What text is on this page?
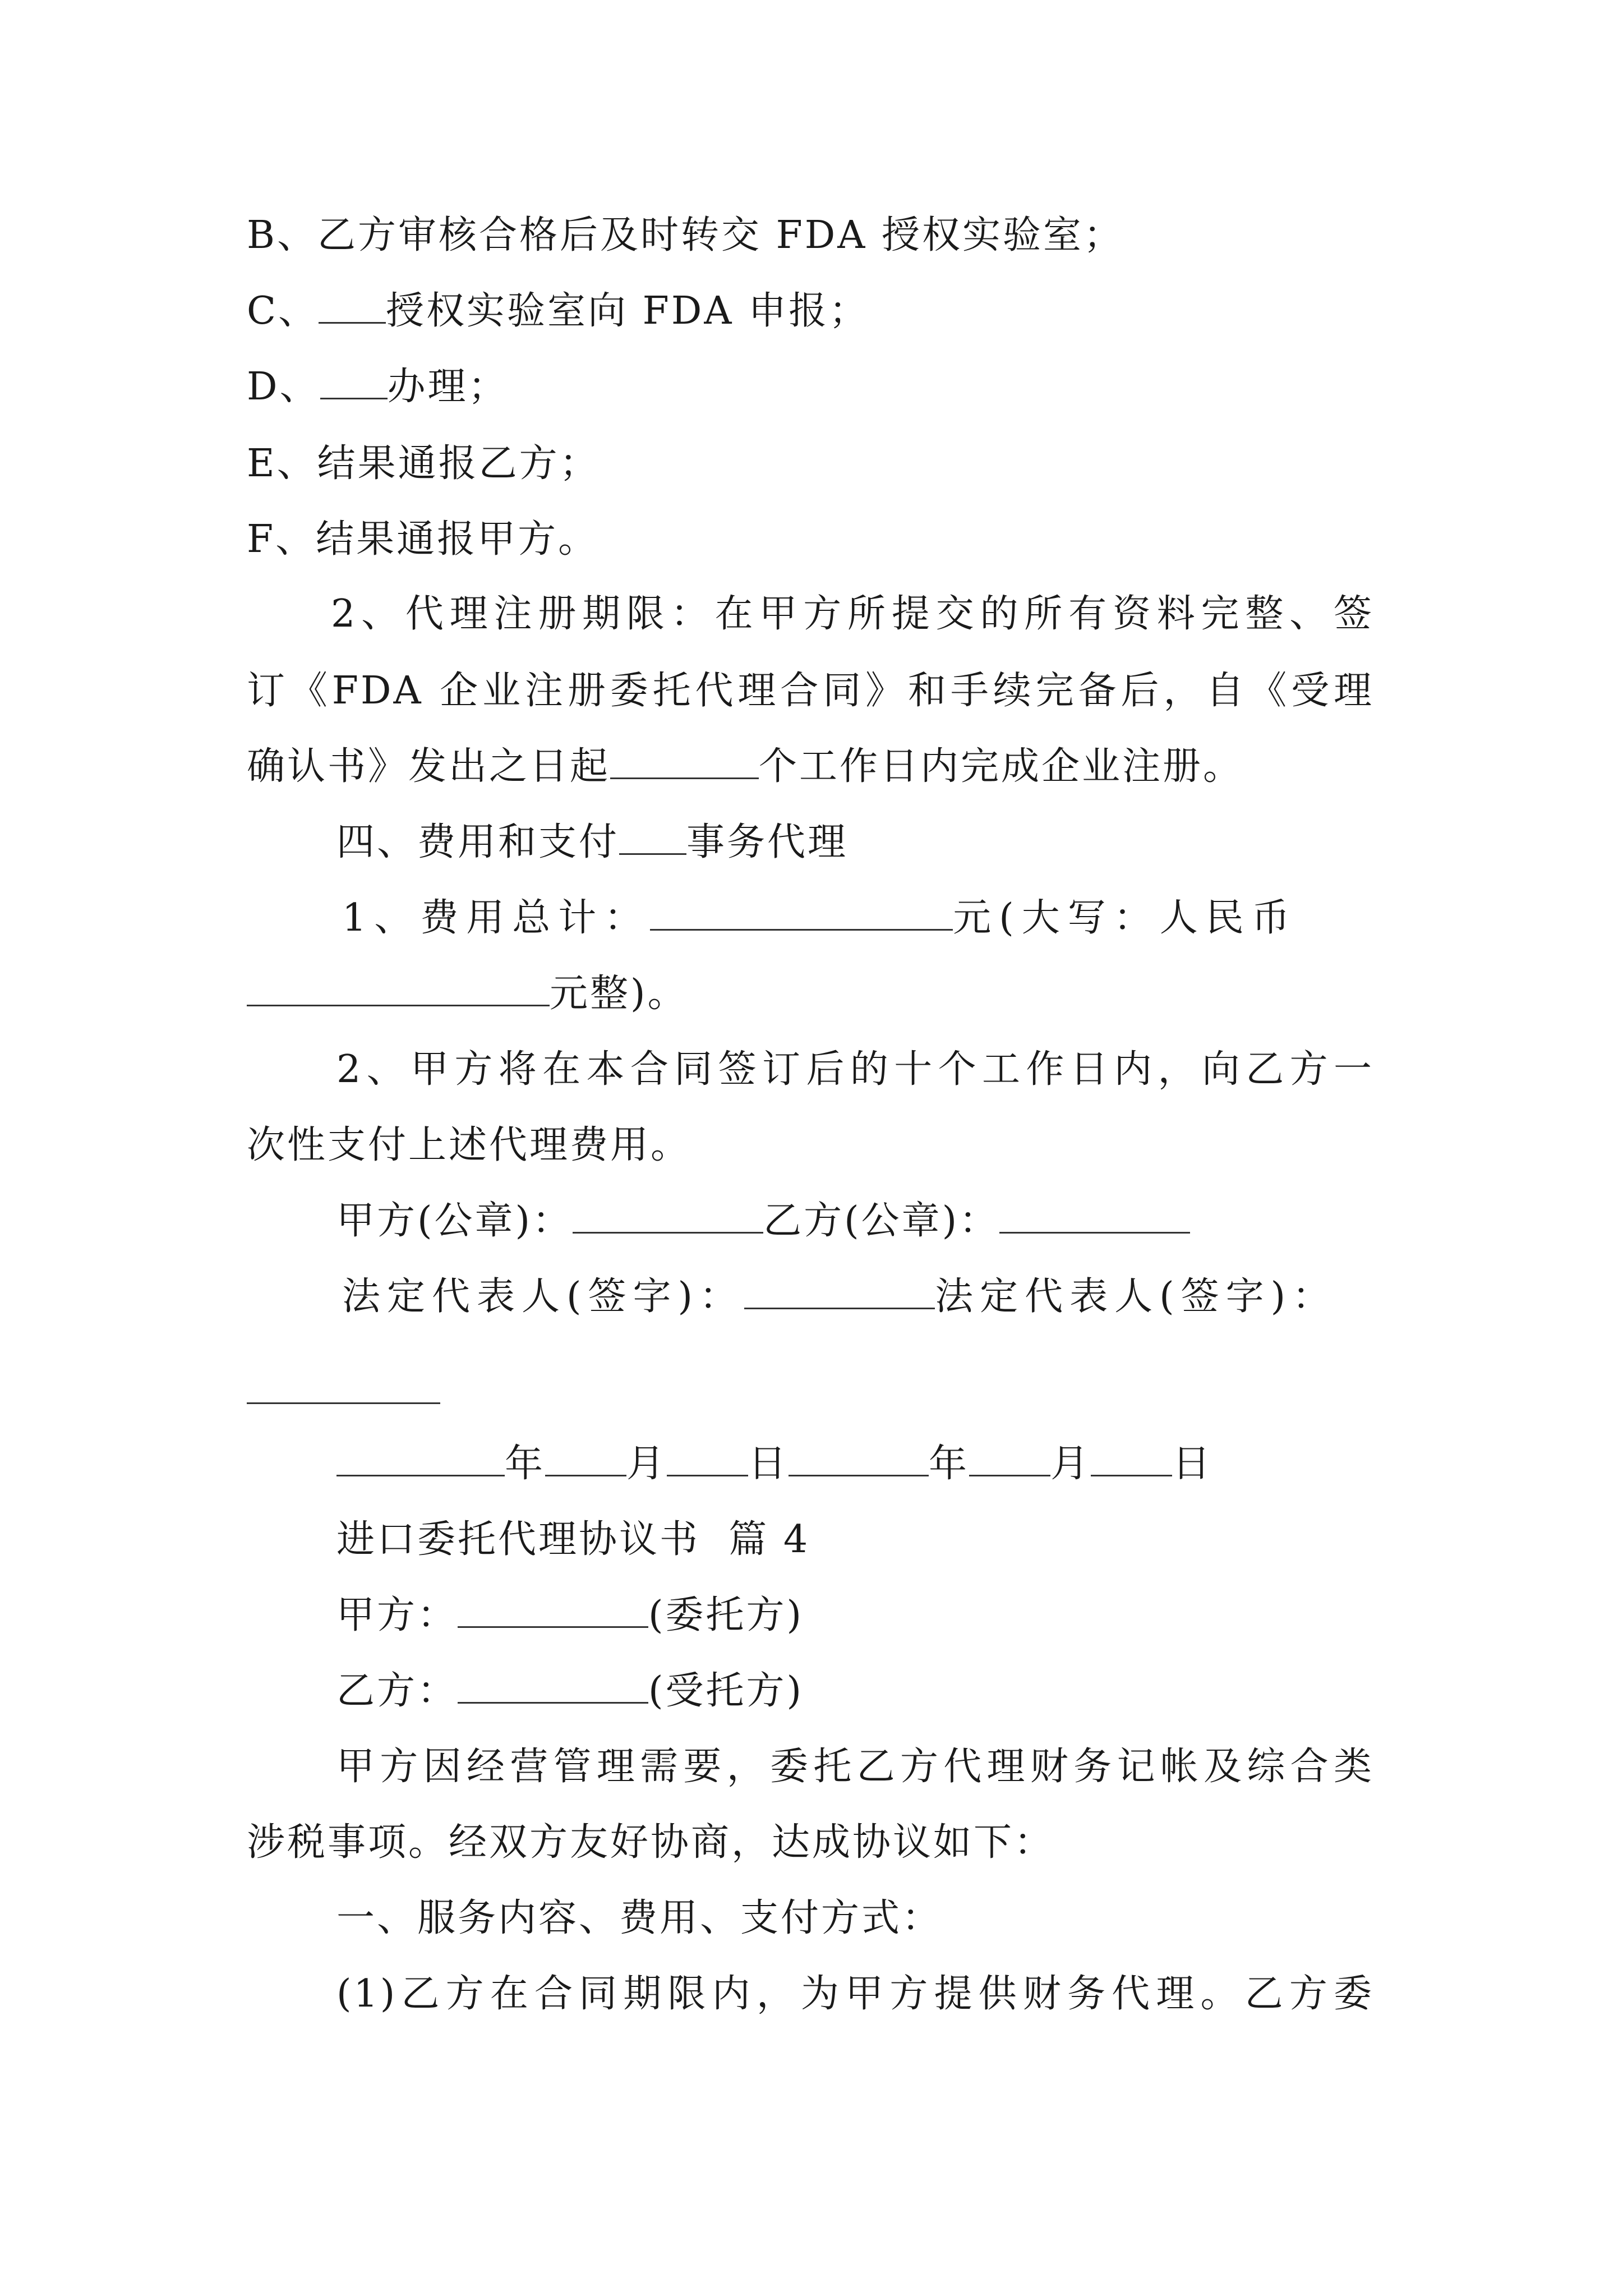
B、乙方审核合格后及时转交 FDA 授权实验室；
C、 授权实验室向 FDA 申报；
D、 办理；
E、结果通报乙方；
F、结果通报甲方。
2、代理注册期限：在甲方所提交的所有资料完整、签
订《FDA 企业注册委托代理合同》和手续完备后，自《受理
确认书》发出之日起	个工作日内完成企业注册。
四、费用和支付 事务代理
1、费用总计：	元(大写：人民币
元整)。
2、甲方将在本合同签订后的十个工作日内，向乙方一
次性支付上述代理费用。
甲方(公章)：	乙方(公章)：
法定代表人(签字)：	法定代表人(签字)：
年 月 日	年 月 日
进口委托代理协议书  篇 4
甲方：	(委托方)
乙方：	(受托方)
甲方因经营管理需要，委托乙方代理财务记帐及综合类
涉税事项。经双方友好协商，达成协议如下：
一、服务内容、费用、支付方式：
(1)乙方在合同期限内，为甲方提供财务代理。乙方委
